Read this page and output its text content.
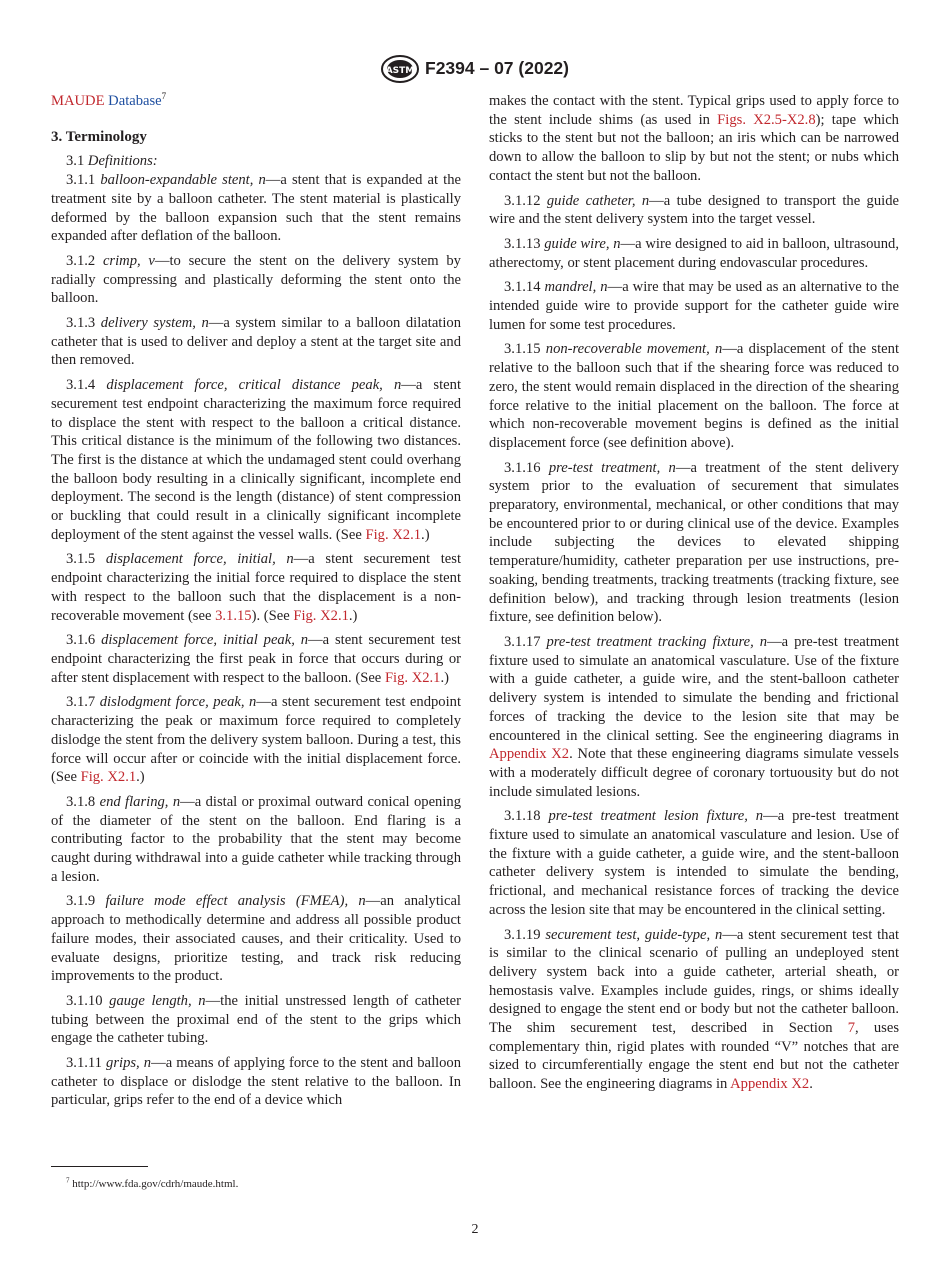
ASTM F2394 – 07 (2022)

MAUDE Database$^7$

3. Terminology

3.1 Definitions:

3.1.1 balloon-expandable stent, n—a stent that is expanded at the treatment site by a balloon catheter. The stent material is plastically deformed by the balloon expansion such that the stent remains expanded after deflation of the balloon.

3.1.2 crimp, v—to secure the stent on the delivery system by radially compressing and plastically deforming the stent onto the balloon.

3.1.3 delivery system, n—a system similar to a balloon dilatation catheter that is used to deliver and deploy a stent at the target site and then removed.

3.1.4 displacement force, critical distance peak, n—a stent securement test endpoint characterizing the maximum force required to displace the stent with respect to the balloon a critical distance. This critical distance is the minimum of the following two distances. The first is the distance at which the undamaged stent could overhang the balloon body resulting in a clinically significant, incomplete end deployment. The second is the length (distance) of stent compression or buckling that could result in a clinically significant incomplete deployment of the stent against the vessel walls. (See Fig. X2.1.)

3.1.5 displacement force, initial, n—a stent securement test endpoint characterizing the initial force required to displace the stent with respect to the balloon such that the displacement is a non-recoverable movement (see 3.1.15). (See Fig. X2.1.)

3.1.6 displacement force, initial peak, n—a stent securement test endpoint characterizing the first peak in force that occurs during or after stent displacement with respect to the balloon. (See Fig. X2.1.)

3.1.7 dislodgment force, peak, n—a stent securement test endpoint characterizing the peak or maximum force required to completely dislodge the stent from the delivery system balloon. During a test, this force will occur after or coincide with the initial displacement force. (See Fig. X2.1.)

3.1.8 end flaring, n—a distal or proximal outward conical opening of the diameter of the stent on the balloon. End flaring is a contributing factor to the probability that the stent may become caught during withdrawal into a guide catheter while tracking through a lesion.

3.1.9 failure mode effect analysis (FMEA), n—an analytical approach to methodically determine and address all possible product failure modes, their associated causes, and their criticality. Used to evaluate designs, prioritize testing, and track risk reducing improvements to the product.

3.1.10 gauge length, n—the initial unstressed length of catheter tubing between the proximal end of the stent to the grips which engage the catheter tubing.

3.1.11 grips, n—a means of applying force to the stent and balloon catheter to displace or dislodge the stent relative to the balloon. In particular, grips refer to the end of a device which

makes the contact with the stent. Typical grips used to apply force to the stent include shims (as used in Figs. X2.5-X2.8); tape which sticks to the stent but not the balloon; an iris which can be narrowed down to allow the balloon to slip by but not the stent; or nubs which contact the stent but not the balloon.

3.1.12 guide catheter, n—a tube designed to transport the guide wire and the stent delivery system into the target vessel.

3.1.13 guide wire, n—a wire designed to aid in balloon, ultrasound, atherectomy, or stent placement during endovascular procedures.

3.1.14 mandrel, n—a wire that may be used as an alternative to the intended guide wire to provide support for the catheter guide wire lumen for some test procedures.

3.1.15 non-recoverable movement, n—a displacement of the stent relative to the balloon such that if the shearing force was reduced to zero, the stent would remain displaced in the direction of the shearing force relative to the initial placement on the balloon. The force at which non-recoverable movement begins is defined as the initial displacement force (see definition above).

3.1.16 pre-test treatment, n—a treatment of the stent delivery system prior to the evaluation of securement that simulates preparatory, environmental, mechanical, or other conditions that may be encountered prior to or during clinical use of the device. Examples include subjecting the devices to elevated shipping temperature/humidity, catheter preparation per use instructions, pre-soaking, bending treatments, tracking treatments (tracking fixture, see definition below), and tracking through lesion treatments (lesion fixture, see definition below).

3.1.17 pre-test treatment tracking fixture, n—a pre-test treatment fixture used to simulate an anatomical vasculature. Use of the fixture with a guide catheter, a guide wire, and the stent-balloon catheter delivery system is intended to simulate the bending and frictional forces of tracking the device to the lesion site that may be encountered in the clinical setting. See the engineering diagrams in Appendix X2. Note that these engineering diagrams simulate vessels with a moderately difficult degree of coronary tortuousity but do not include simulated lesions.

3.1.18 pre-test treatment lesion fixture, n—a pre-test treatment fixture used to simulate an anatomical vasculature and lesion. Use of the fixture with a guide catheter, a guide wire, and the stent-balloon catheter delivery system is intended to simulate the bending, frictional, and mechanical resistance forces of tracking the device across the lesion site that may be encountered in the clinical setting.

3.1.19 securement test, guide-type, n—a stent securement test that is similar to the clinical scenario of pulling an undeployed stent delivery system back into a guide catheter, arterial sheath, or hemostasis valve. Examples include guides, rings, or shims ideally designed to engage the stent end or body but not the catheter balloon. The shim securement test, described in Section 7, uses complementary thin, rigid plates with rounded “V” notches that are sized to circumferentially engage the stent end but not the catheter balloon. See the engineering diagrams in Appendix X2.

$^7$ http://www.fda.gov/cdrh/maude.html.
2
